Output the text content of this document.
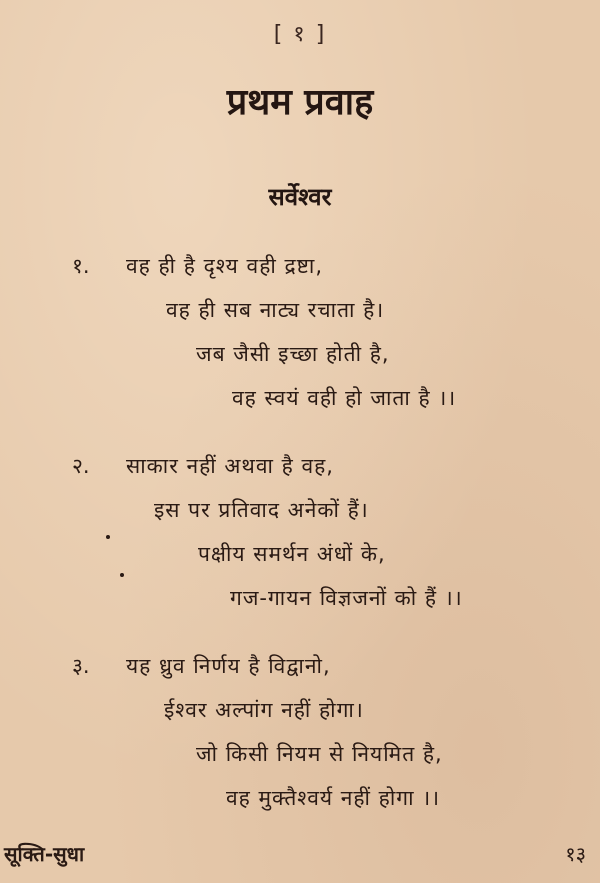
[ १ ]
प्रथम प्रवाह
सर्वेश्वर
१. वह ही है दृश्य वही द्रष्टा,
वह ही सब नाट्य रचाता है।
जब जैसी इच्छा होती है,
वह स्वयं वही हो जाता है ।।
२. साकार नहीं अथवा है वह,
इस पर प्रतिवाद अनेकों हैं।
पक्षीय समर्थन अंधों के,
गज-गायन विज्ञजनों को हैं ।।
३. यह ध्रुव निर्णय है विद्वानो,
ईश्वर अल्पांग नहीं होगा।
जो किसी नियम से नियमित है,
वह मुक्तैश्वर्य नहीं होगा ।।
सूक्ति-सुधा	१३
